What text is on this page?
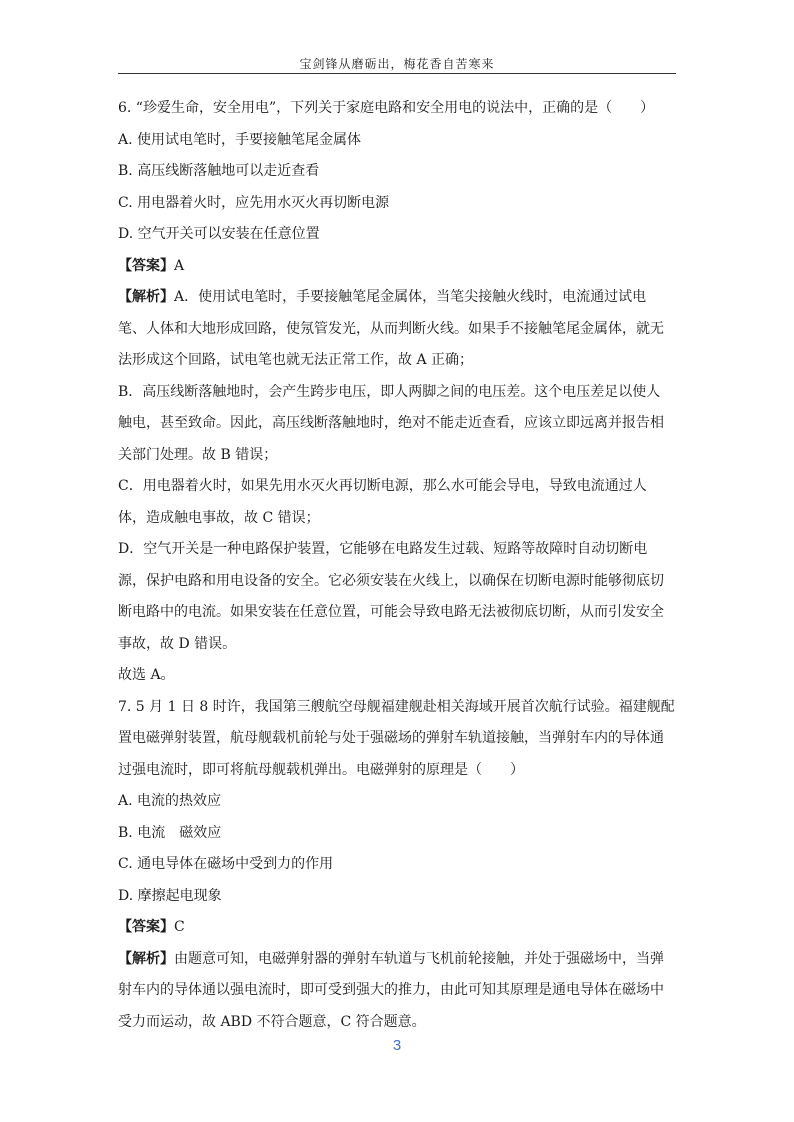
宝剑锋从磨砺出，梅花香自苦寒来
6. “珍爱生命，安全用电”，下列关于家庭电路和安全用电的说法中，正确的是（　　）
A. 使用试电笔时，手要接触笔尾金属体
B. 高压线断落触地可以走近查看
C. 用电器着火时，应先用水灭火再切断电源
D. 空气开关可以安装在任意位置
【答案】A
【解析】A．使用试电笔时，手要接触笔尾金属体，当笔尖接触火线时，电流通过试电
笔、人体和大地形成回路，使氖管发光，从而判断火线。如果手不接触笔尾金属体，就无
法形成这个回路，试电笔也就无法正常工作，故 A 正确；
B．高压线断落触地时，会产生跨步电压，即人两脚之间的电压差。这个电压差足以使人
触电，甚至致命。因此，高压线断落触地时，绝对不能走近查看，应该立即远离并报告相
关部门处理。故 B 错误；
C．用电器着火时，如果先用水灭火再切断电源，那么水可能会导电，导致电流通过人
体，造成触电事故，故 C 错误；
D．空气开关是一种电路保护装置，它能够在电路发生过载、短路等故障时自动切断电
源，保护电路和用电设备的安全。它必须安装在火线上，以确保在切断电源时能够彻底切
断电路中的电流。如果安装在任意位置，可能会导致电路无法被彻底切断，从而引发安全
事故，故 D 错误。
故选 A。
7. 5 月 1 日 8 时许，我国第三艘航空母舰福建舰赴相关海域开展首次航行试验。福建舰配
置电磁弹射装置，航母舰载机前轮与处于强磁场的弹射车轨道接触，当弹射车内的导体通
过强电流时，即可将航母舰载机弹出。电磁弹射的原理是（　　）
A. 电流的热效应
B. 电流　磁效应
C. 通电导体在磁场中受到力的作用
D. 摩擦起电现象
【答案】C
【解析】由题意可知，电磁弹射器的弹射车轨道与飞机前轮接触，并处于强磁场中，当弹
射车内的导体通以强电流时，即可受到强大的推力，由此可知其原理是通电导体在磁场中
受力而运动，故 ABD 不符合题意，C 符合题意。
3
